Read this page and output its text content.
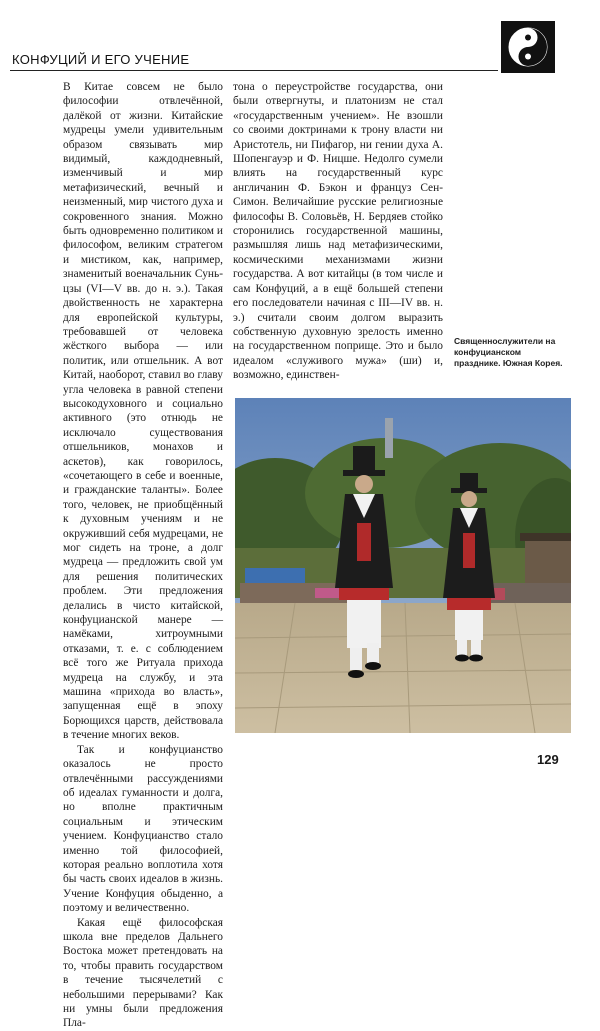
КОНФУЦИЙ И ЕГО УЧЕНИЕ

В Китае совсем не было философии отвлечённой, далёкой от жизни. Китайские мудрецы умели удивительным образом связывать мир видимый, каждодневный, изменчивый и мир метафизический, вечный и неизменный, мир чистого духа и сокровенного знания. Можно быть одновременно политиком и философом, великим стратегом и мистиком, как, например, знаменитый военачальник Сунь-цзы (VI—V вв. до н. э.). Такая двойственность не характерна для европейской культуры, требовавшей от человека жёсткого выбора — или политик, или отшельник. А вот Китай, наоборот, ставил во главу угла человека в равной степени высокодуховного и социально активного (это отнюдь не исключало существования отшельников, монахов и аскетов), как говорилось, «сочетающего в себе и военные, и гражданские таланты». Более того, человек, не приобщённый к духовным учениям и не окруживший себя мудрецами, не мог сидеть на троне, а долг мудреца — предложить свой ум для решения политических проблем. Эти предложения делались в чисто китайской, конфуцианской манере — намёками, хитроумными отказами, т. е. с соблюдением всё того же Ритуала прихода мудреца на службу, и эта машина «прихода во власть», запущенная ещё в эпоху Борющихся царств, действовала в течение многих веков.

Так и конфуцианство оказалось не просто отвлечёнными рассуждениями об идеалах гуманности и долга, но вполне практичным социальным и этическим учением. Конфуцианство стало именно той философией, которая реально воплотила хотя бы часть своих идеалов в жизнь. Учение Конфуция обыденно, а поэтому и величественно.

Какая ещё философская школа вне пределов Дальнего Востока может претендовать на то, чтобы править государством в течение тысячелетий с небольшими перерывами? Как ни умны были предложения Пла-

тона о переустройстве государства, они были отвергнуты, и платонизм не стал «государственным учением». Не взошли со своими доктринами к трону власти ни Аристотель, ни Пифагор, ни гении духа А. Шопенгауэр и Ф. Ницше. Недолго сумели влиять на государственный курс англичанин Ф. Бэкон и француз Сен-Симон. Величайшие русские религиозные философы В. Соловьёв, Н. Бердяев стойко сторонились государственной машины, размышляя лишь над метафизическими, космическими механизмами жизни государства. А вот китайцы (в том числе и сам Конфуций, а в ещё большей степени его последователи начиная с III—IV вв. н. э.) считали своим долгом выразить собственную духовную зрелость именно на государственном поприще. Это и было идеалом «служивого мужа» (ши) и, возможно, единствен-

Священнослужители на конфуцианском празднике. Южная Корея.
129
